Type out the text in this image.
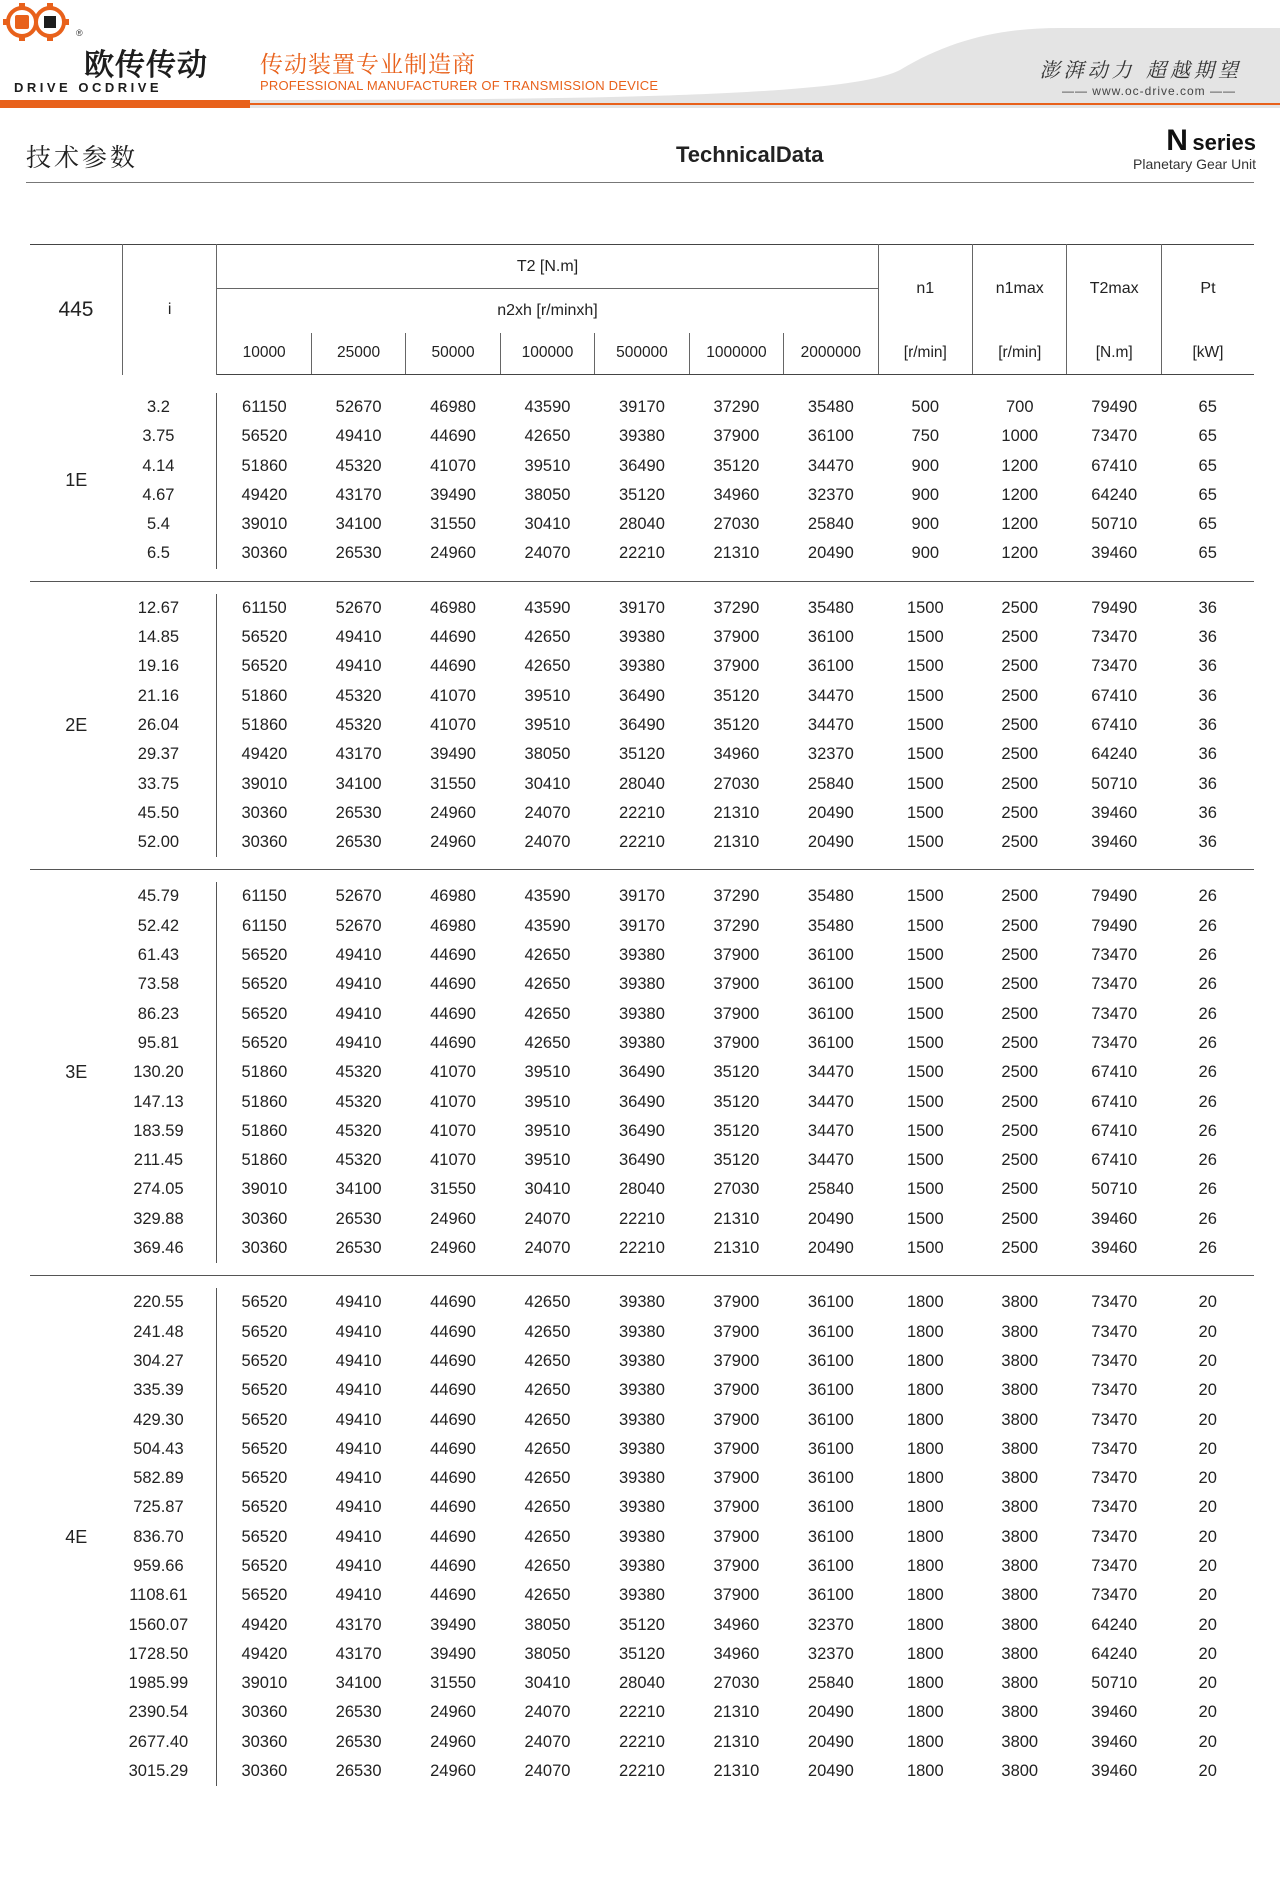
®
欧传传动
DRIVE OCDRIVE
传动装置专业制造商
PROFESSIONAL MANUFACTURER OF TRANSMISSION DEVICE
澎湃动力 超越期望
—— www.oc-drive.com ——
技术参数	TechnicalData	N series
Planetary Gear Unit
445	i	T2 [N.m]							n1	n1max	T2max	Pt
		n2xh [r/minxh]										
		10000	25000	50000	100000	500000	1000000	2000000	[r/min]	[r/min]	[N.m]	[kW]

1E	3.2	61150	52670	46980	43590	39170	37290	35480	500	700	79490	65
	3.75	56520	49410	44690	42650	39380	37900	36100	750	1000	73470	65
	4.14	51860	45320	41070	39510	36490	35120	34470	900	1200	67410	65
	4.67	49420	43170	39490	38050	35120	34960	32370	900	1200	64240	65
	5.4	39010	34100	31550	30410	28040	27030	25840	900	1200	50710	65
	6.5	30360	26530	24960	24070	22210	21310	20490	900	1200	39460	65

2E	12.67	61150	52670	46980	43590	39170	37290	35480	1500	2500	79490	36
	14.85	56520	49410	44690	42650	39380	37900	36100	1500	2500	73470	36
	19.16	56520	49410	44690	42650	39380	37900	36100	1500	2500	73470	36
	21.16	51860	45320	41070	39510	36490	35120	34470	1500	2500	67410	36
	26.04	51860	45320	41070	39510	36490	35120	34470	1500	2500	67410	36
	29.37	49420	43170	39490	38050	35120	34960	32370	1500	2500	64240	36
	33.75	39010	34100	31550	30410	28040	27030	25840	1500	2500	50710	36
	45.50	30360	26530	24960	24070	22210	21310	20490	1500	2500	39460	36
	52.00	30360	26530	24960	24070	22210	21310	20490	1500	2500	39460	36

3E	45.79	61150	52670	46980	43590	39170	37290	35480	1500	2500	79490	26
	52.42	61150	52670	46980	43590	39170	37290	35480	1500	2500	79490	26
	61.43	56520	49410	44690	42650	39380	37900	36100	1500	2500	73470	26
	73.58	56520	49410	44690	42650	39380	37900	36100	1500	2500	73470	26
	86.23	56520	49410	44690	42650	39380	37900	36100	1500	2500	73470	26
	95.81	56520	49410	44690	42650	39380	37900	36100	1500	2500	73470	26
	130.20	51860	45320	41070	39510	36490	35120	34470	1500	2500	67410	26
	147.13	51860	45320	41070	39510	36490	35120	34470	1500	2500	67410	26
	183.59	51860	45320	41070	39510	36490	35120	34470	1500	2500	67410	26
	211.45	51860	45320	41070	39510	36490	35120	34470	1500	2500	67410	26
	274.05	39010	34100	31550	30410	28040	27030	25840	1500	2500	50710	26
	329.88	30360	26530	24960	24070	22210	21310	20490	1500	2500	39460	26
	369.46	30360	26530	24960	24070	22210	21310	20490	1500	2500	39460	26

4E	220.55	56520	49410	44690	42650	39380	37900	36100	1800	3800	73470	20
	241.48	56520	49410	44690	42650	39380	37900	36100	1800	3800	73470	20
	304.27	56520	49410	44690	42650	39380	37900	36100	1800	3800	73470	20
	335.39	56520	49410	44690	42650	39380	37900	36100	1800	3800	73470	20
	429.30	56520	49410	44690	42650	39380	37900	36100	1800	3800	73470	20
	504.43	56520	49410	44690	42650	39380	37900	36100	1800	3800	73470	20
	582.89	56520	49410	44690	42650	39380	37900	36100	1800	3800	73470	20
	725.87	56520	49410	44690	42650	39380	37900	36100	1800	3800	73470	20
	836.70	56520	49410	44690	42650	39380	37900	36100	1800	3800	73470	20
	959.66	56520	49410	44690	42650	39380	37900	36100	1800	3800	73470	20
	1108.61	56520	49410	44690	42650	39380	37900	36100	1800	3800	73470	20
	1560.07	49420	43170	39490	38050	35120	34960	32370	1800	3800	64240	20
	1728.50	49420	43170	39490	38050	35120	34960	32370	1800	3800	64240	20
	1985.99	39010	34100	31550	30410	28040	27030	25840	1800	3800	50710	20
	2390.54	30360	26530	24960	24070	22210	21310	20490	1800	3800	39460	20
	2677.40	30360	26530	24960	24070	22210	21310	20490	1800	3800	39460	20
	3015.29	30360	26530	24960	24070	22210	21310	20490	1800	3800	39460	20
